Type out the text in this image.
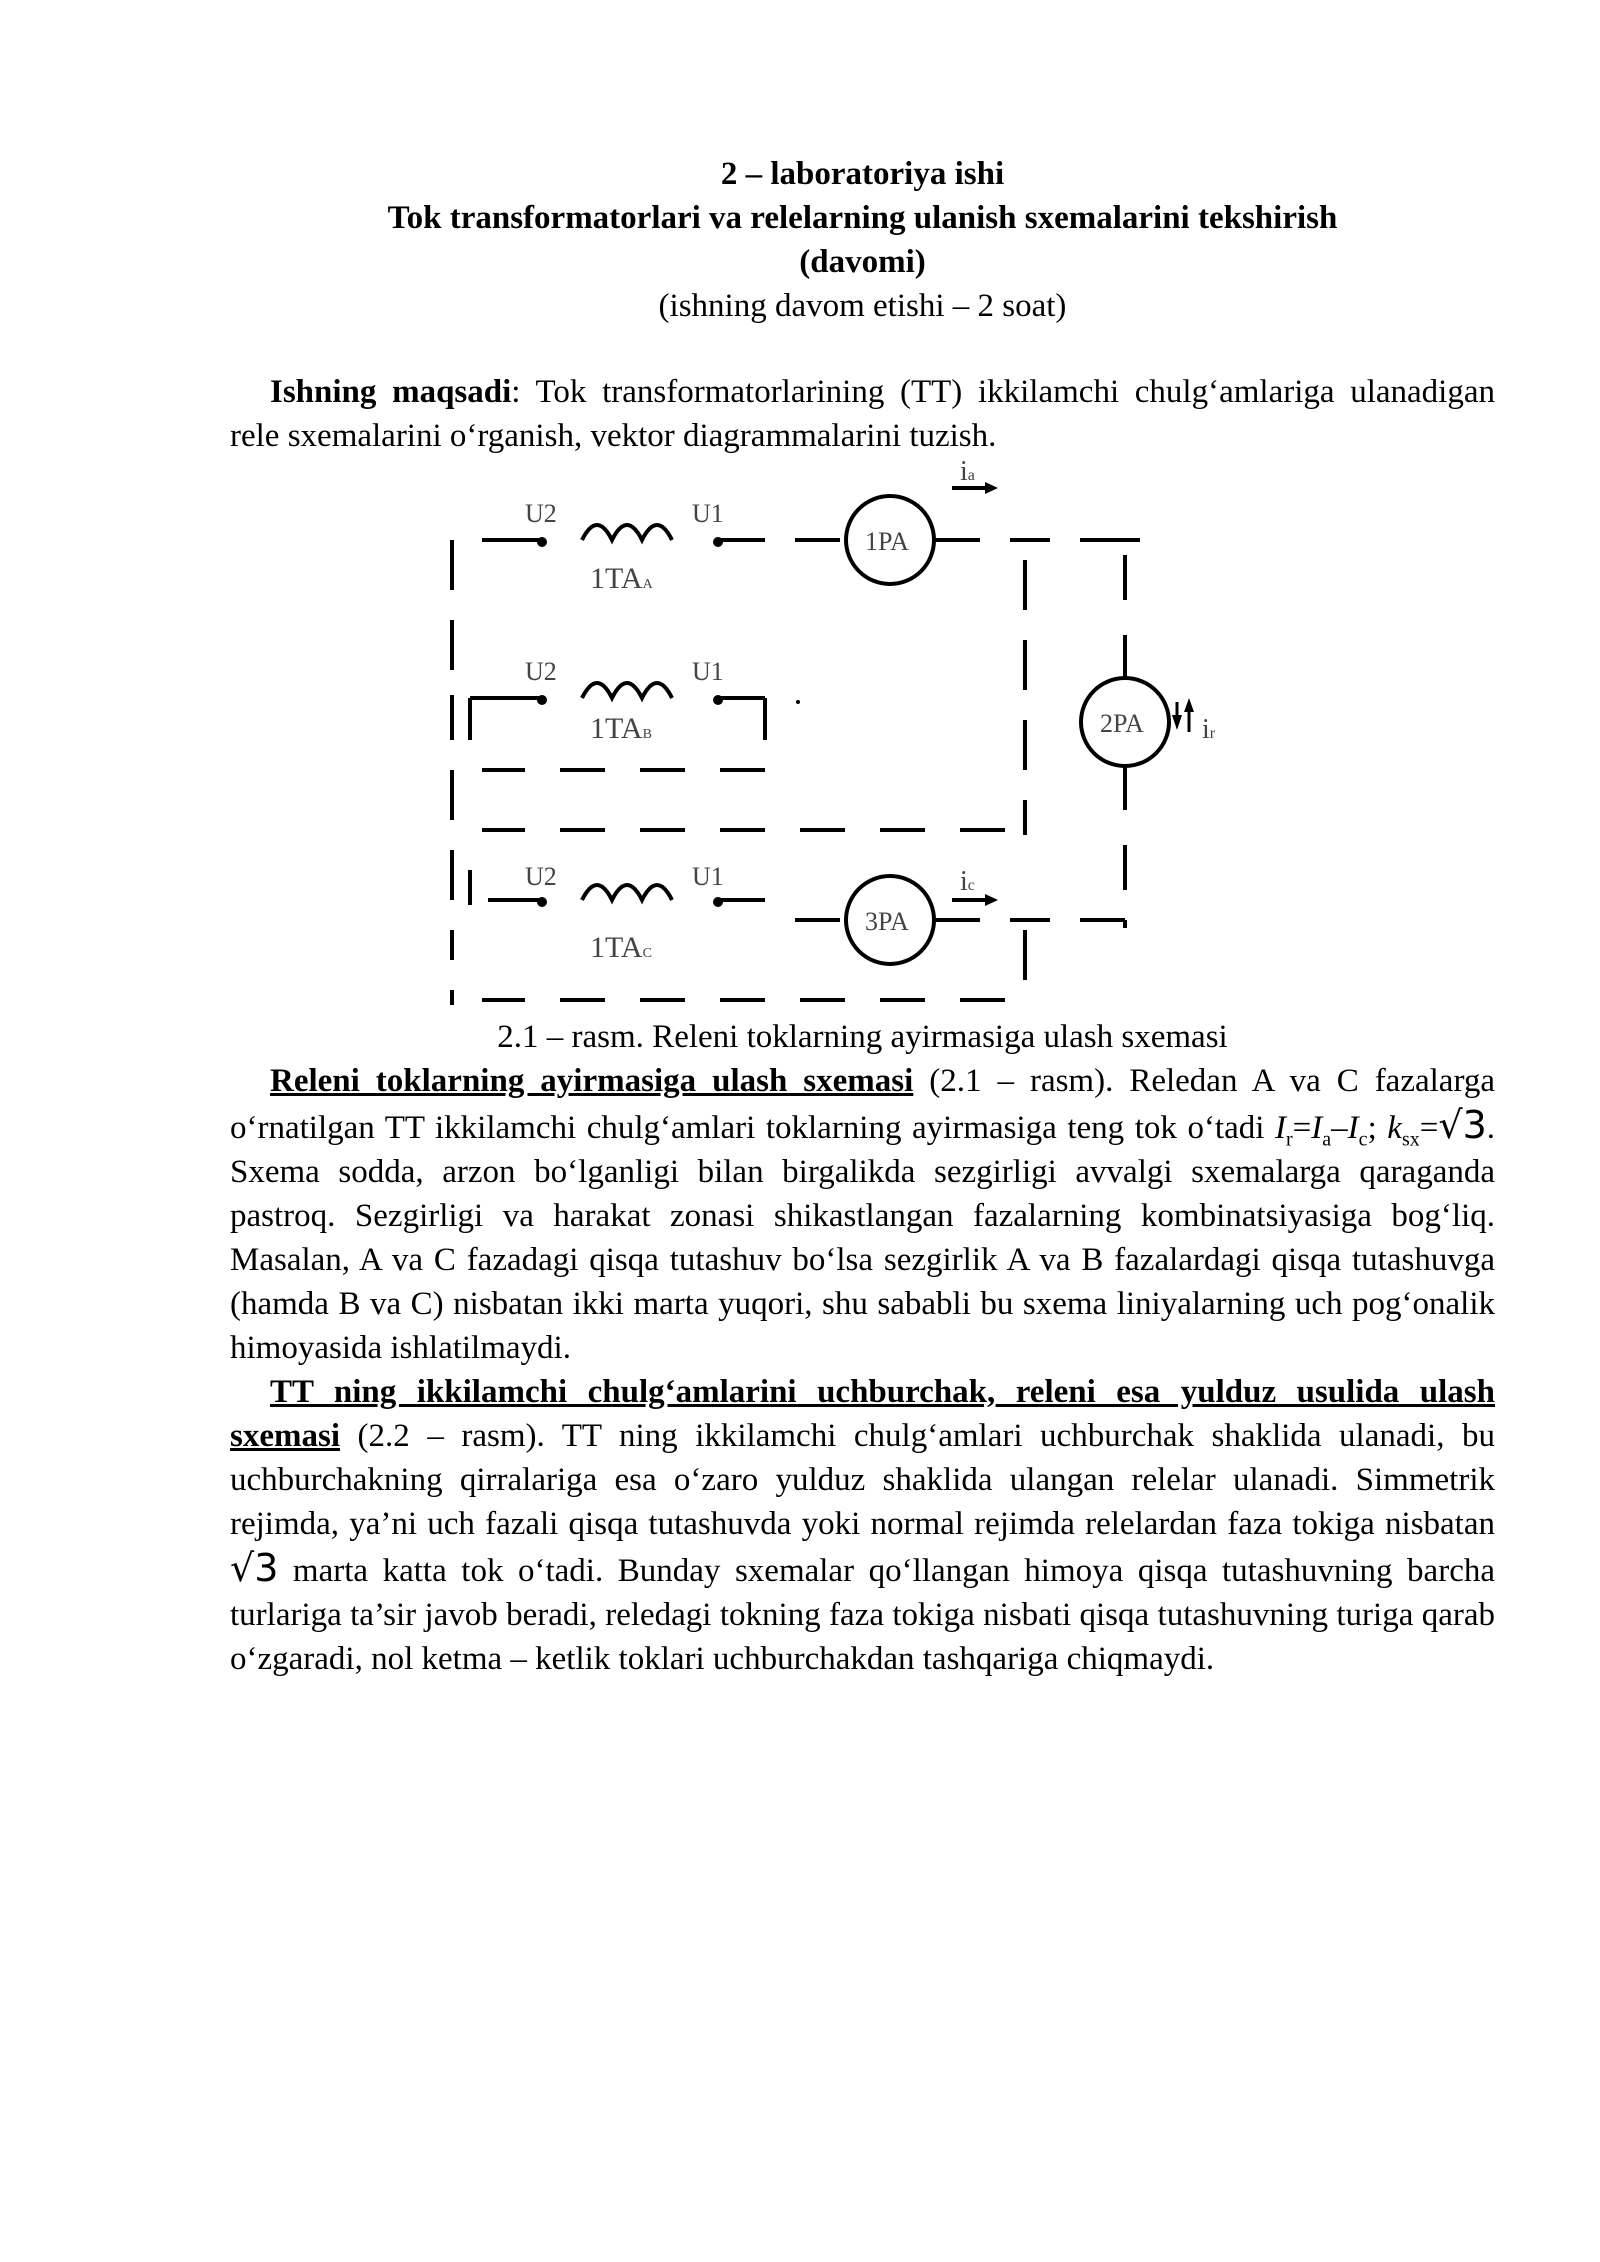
2 – laboratoriya ishi
Tok transformatorlari va relelarning ulanish sxemalarini tekshirish
(davomi)
(ishning davom etishi – 2 soat)
Ishning maqsadi: Tok transformatorlarining (TT) ikkilamchi chulg‘amlariga ulanadigan rele sxemalarini o‘rganish, vektor diagrammalarini tuzish.
U2	U1
1TAA
1PA
ia
U2	U1
1TAB	2PA ir
U2	U1
1TAC
3PA
ic
2.1 – rasm. Releni toklarning ayirmasiga ulash sxemasi
Releni toklarning ayirmasiga ulash sxemasi (2.1 – rasm). Reledan A va C fazalarga o‘rnatilgan TT ikkilamchi chulg‘amlari toklarning ayirmasiga teng tok o‘tadi $I_r=I_a-I_c$; $k_{sx}=√3$. Sxema sodda, arzon bo‘lganligi bilan birgalikda sezgirligi avvalgi sxemalarga qaraganda pastroq. Sezgirligi va harakat zonasi shikastlangan fazalarning kombinatsiyasiga bog‘liq. Masalan, A va C fazadagi qisqa tutashuv bo‘lsa sezgirlik A va B fazalardagi qisqa tutashuvga (hamda B va C) nisbatan ikki marta yuqori, shu sababli bu sxema liniyalarning uch pog‘onalik himoyasida ishlatilmaydi.
TT ning ikkilamchi chulg‘amlarini uchburchak, releni esa yulduz usulida ulash sxemasi (2.2 – rasm). TT ning ikkilamchi chulg‘amlari uchburchak shaklida ulanadi, bu uchburchakning qirralariga esa o‘zaro yulduz shaklida ulangan relelar ulanadi. Simmetrik rejimda, ya’ni uch fazali qisqa tutashuvda yoki normal rejimda relelardan faza tokiga nisbatan √3 marta katta tok o‘tadi. Bunday sxemalar qo‘llangan himoya qisqa tutashuvning barcha turlariga ta’sir javob beradi, reledagi tokning faza tokiga nisbati qisqa tutashuvning turiga qarab o‘zgaradi, nol ketma – ketlik toklari uchburchakdan tashqariga chiqmaydi.
